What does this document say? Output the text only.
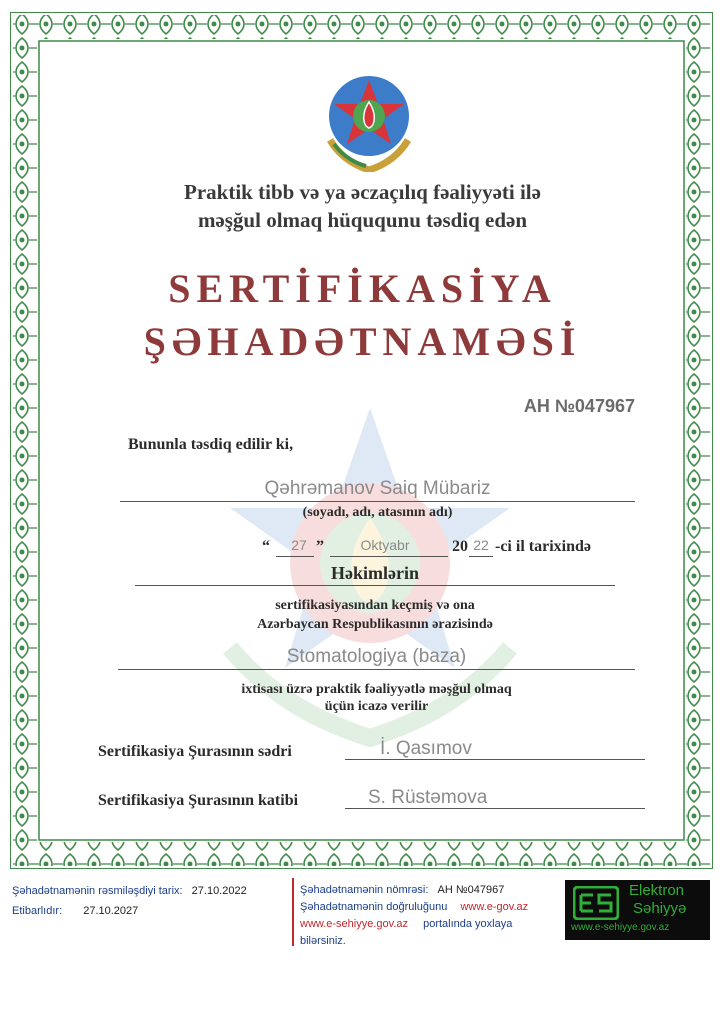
Praktik tibb və ya əczaçılıq fəaliyyəti ilə
məşğul olmaq hüququnu təsdiq edən
SERTİFİKASİYA
ŞƏHADƏTNAMƏSİ
AH №047967
Bununla təsdiq edilir ki,
Qəhrəmanov Saiq Mübariz
(soyadı, adı, atasının adı)
“	27 ”	Oktyabr	20 22 -ci il tarixində
Həkimlərin
sertifikasiyasından keçmiş və ona
Azərbaycan Respublikasının ərazisində
Stomatologiya (baza)
ixtisası üzrə praktik fəaliyyətlə məşğul olmaq
üçün icazə verilir
Sertifikasiya Şurasının sədri	İ. Qasımov
Sertifikasiya Şurasının katibi	S. Rüstəmova
Şəhadətnamənin rəsmiləşdiyi tarix: 27.10.2022
Etibarlıdır: 27.10.2027
Şəhadətnamənin nömrəsi: AH №047967
Şəhadətnamənin doğruluğunu www.e-gov.az
www.e-sehiyye.gov.az portalında yoxlaya
bilərsiniz.
Elektron
Səhiyyə
www.e-sehiyye.gov.az
